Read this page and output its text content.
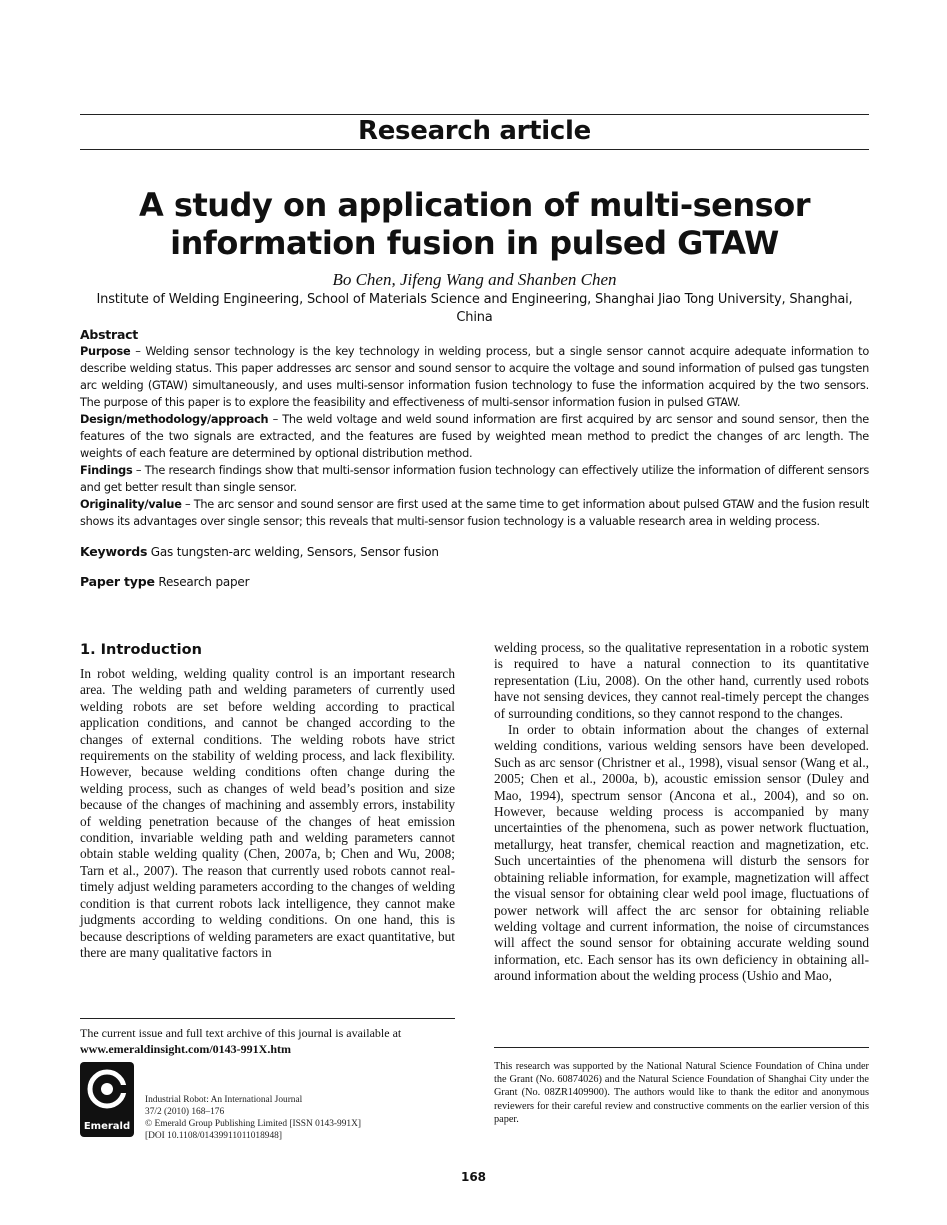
Research article
A study on application of multi-sensor
information fusion in pulsed GTAW
Bo Chen, Jifeng Wang and Shanben Chen
Institute of Welding Engineering, School of Materials Science and Engineering, Shanghai Jiao Tong University, Shanghai, China

Abstract

Purpose – Welding sensor technology is the key technology in welding process, but a single sensor cannot acquire adequate information to describe welding status. This paper addresses arc sensor and sound sensor to acquire the voltage and sound information of pulsed gas tungsten arc welding (GTAW) simultaneously, and uses multi-sensor information fusion technology to fuse the information acquired by the two sensors. The purpose of this paper is to explore the feasibility and effectiveness of multi-sensor information fusion in pulsed GTAW.

Design/methodology/approach – The weld voltage and weld sound information are first acquired by arc sensor and sound sensor, then the features of the two signals are extracted, and the features are fused by weighted mean method to predict the changes of arc length. The weights of each feature are determined by optional distribution method.

Findings – The research findings show that multi-sensor information fusion technology can effectively utilize the information of different sensors and get better result than single sensor.

Originality/value – The arc sensor and sound sensor are first used at the same time to get information about pulsed GTAW and the fusion result shows its advantages over single sensor; this reveals that multi-sensor fusion technology is a valuable research area in welding process.

Keywords Gas tungsten-arc welding, Sensors, Sensor fusion
Paper type Research paper
1. Introduction

In robot welding, welding quality control is an important research area. The welding path and welding parameters of currently used welding robots are set before welding according to practical application conditions, and cannot be changed according to the changes of external conditions. The welding robots have strict requirements on the stability of welding process, and lack flexibility. However, because welding conditions often change during the welding process, such as changes of weld bead’s position and size because of the changes of machining and assembly errors, instability of welding penetration because of the changes of heat emission condition, invariable welding path and welding parameters cannot obtain stable welding quality (Chen, 2007a, b; Chen and Wu, 2008; Tarn et al., 2007). The reason that currently used robots cannot real-timely adjust welding parameters according to the changes of welding condition is that current robots lack intelligence, they cannot make judgments according to welding conditions. On one hand, this is because descriptions of welding parameters are exact quantitative, but there are many qualitative factors in

welding process, so the qualitative representation in a robotic system is required to have a natural connection to its quantitative representation (Liu, 2008). On the other hand, currently used robots have not sensing devices, they cannot real-timely percept the changes of surrounding conditions, so they cannot respond to the changes.

In order to obtain information about the changes of external welding conditions, various welding sensors have been developed. Such as arc sensor (Christner et al., 1998), visual sensor (Wang et al., 2005; Chen et al., 2000a, b), acoustic emission sensor (Duley and Mao, 1994), spectrum sensor (Ancona et al., 2004), and so on. However, because welding process is accompanied by many uncertainties of the phenomena, such as power network fluctuation, metallurgy, heat transfer, chemical reaction and magnetization, etc. Such uncertainties of the phenomena will disturb the sensors for obtaining reliable information, for example, magnetization will affect the visual sensor for obtaining clear weld pool image, fluctuations of power network will affect the arc sensor for obtaining reliable welding voltage and current information, the noise of circumstances will affect the sound sensor for obtaining accurate welding sound information, etc. Each sensor has its own deficiency in obtaining all-around information about the welding process (Ushio and Mao,

The current issue and full text archive of this journal is available at
www.emeraldinsight.com/0143-991X.htm
Emerald
Industrial Robot: An International Journal
37/2 (2010) 168–176
© Emerald Group Publishing Limited [ISSN 0143-991X]
[DOI 10.1108/01439911011018948]
This research was supported by the National Natural Science Foundation of China under the Grant (No. 60874026) and the Natural Science Foundation of Shanghai City under the Grant (No. 08ZR1409900). The authors would like to thank the editor and anonymous reviewers for their careful review and constructive comments on the earlier version of this paper.
168
